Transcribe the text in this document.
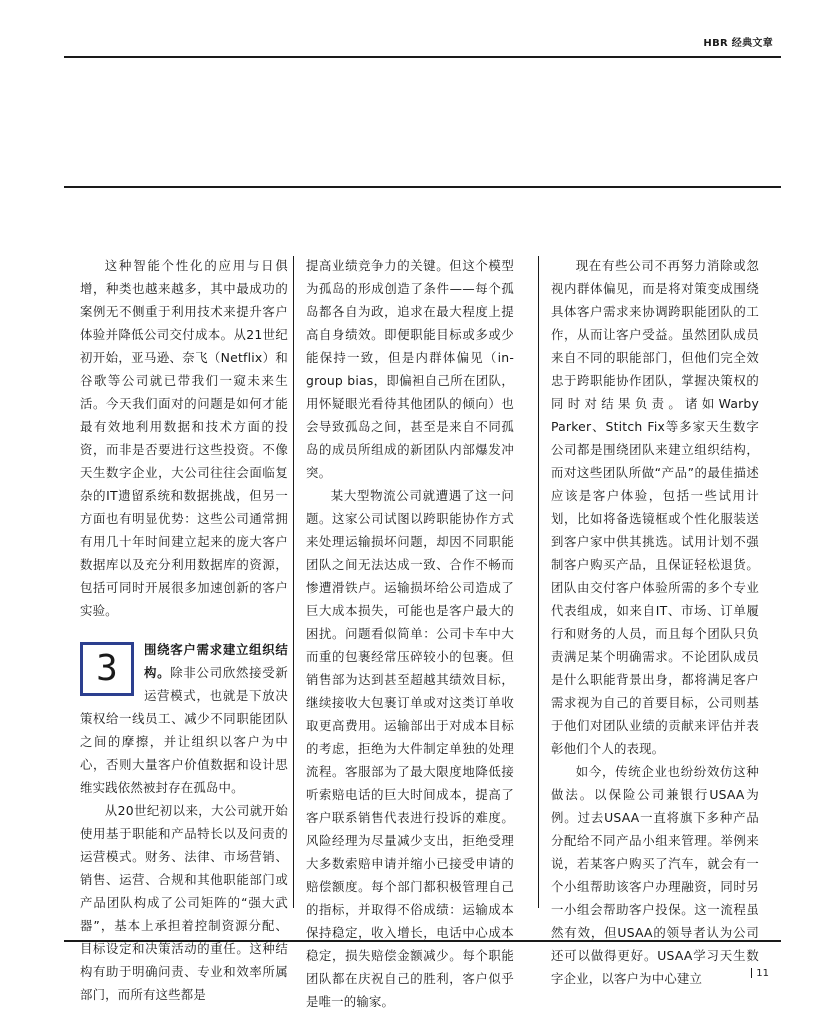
HBR 经典文章

这种智能个性化的应用与日俱增，种类也越来越多，其中最成功的案例无不侧重于利用技术来提升客户体验并降低公司交付成本。从21世纪初开始，亚马逊、奈飞（Netflix）和谷歌等公司就已带我们一窥未来生活。今天我们面对的问题是如何才能最有效地利用数据和技术方面的投资，而非是否要进行这些投资。不像天生数字企业，大公司往往会面临复杂的IT遗留系统和数据挑战，但另一方面也有明显优势：这些公司通常拥有用几十年时间建立起来的庞大客户数据库以及充分利用数据库的资源，包括可同时开展很多加速创新的客户实验。

3	围绕客户需求建立组织结构。除非公司欣然接受新运营模式，也就是下放决策权给一线员工、减少不同职能团队之间的摩擦，并让组织以客户为中心，否则大量客户价值数据和设计思维实践依然被封存在孤岛中。

从20世纪初以来，大公司就开始使用基于职能和产品特长以及问责的运营模式。财务、法律、市场营销、销售、运营、合规和其他职能部门或产品团队构成了公司矩阵的“强大武器”，基本上承担着控制资源分配、目标设定和决策活动的重任。这种结构有助于明确问责、专业和效率所属部门，而所有这些都是

提高业绩竞争力的关键。但这个模型为孤岛的形成创造了条件——每个孤岛都各自为政，追求在最大程度上提高自身绩效。即便职能目标或多或少能保持一致，但是内群体偏见（in-group bias，即偏袒自己所在团队，用怀疑眼光看待其他团队的倾向）也会导致孤岛之间，甚至是来自不同孤岛的成员所组成的新团队内部爆发冲突。

某大型物流公司就遭遇了这一问题。这家公司试图以跨职能协作方式来处理运输损坏问题，却因不同职能团队之间无法达成一致、合作不畅而惨遭滑铁卢。运输损坏给公司造成了巨大成本损失，可能也是客户最大的困扰。问题看似简单：公司卡车中大而重的包裹经常压碎较小的包裹。但销售部为达到甚至超越其绩效目标，继续接收大包裹订单或对这类订单收取更高费用。运输部出于对成本目标的考虑，拒绝为大件制定单独的处理流程。客服部为了最大限度地降低接听索赔电话的巨大时间成本，提高了客户联系销售代表进行投诉的难度。风险经理为尽量减少支出，拒绝受理大多数索赔申请并缩小已接受申请的赔偿额度。每个部门都积极管理自己的指标，并取得不俗成绩：运输成本保持稳定，收入增长，电话中心成本稳定，损失赔偿金额减少。每个职能团队都在庆祝自己的胜利，客户似乎是唯一的输家。

现在有些公司不再努力消除或忽视内群体偏见，而是将对策变成围绕具体客户需求来协调跨职能团队的工作，从而让客户受益。虽然团队成员来自不同的职能部门，但他们完全效忠于跨职能协作团队，掌握决策权的同时对结果负责。诸如Warby Parker、Stitch Fix等多家天生数字公司都是围绕团队来建立组织结构，而对这些团队所做“产品”的最佳描述应该是客户体验，包括一些试用计划，比如将备选镜框或个性化服装送到客户家中供其挑选。试用计划不强制客户购买产品，且保证轻松退货。团队由交付客户体验所需的多个专业代表组成，如来自IT、市场、订单履行和财务的人员，而且每个团队只负责满足某个明确需求。不论团队成员是什么职能背景出身，都将满足客户需求视为自己的首要目标，公司则基于他们对团队业绩的贡献来评估并表彰他们个人的表现。

如今，传统企业也纷纷效仿这种做法。以保险公司兼银行USAA为例。过去USAA一直将旗下多种产品分配给不同产品小组来管理。举例来说，若某客户购买了汽车，就会有一个小组帮助该客户办理融资，同时另一小组会帮助客户投保。这一流程虽然有效，但USAA的领导者认为公司还可以做得更好。USAA学习天生数字企业，以客户为中心建立	11
